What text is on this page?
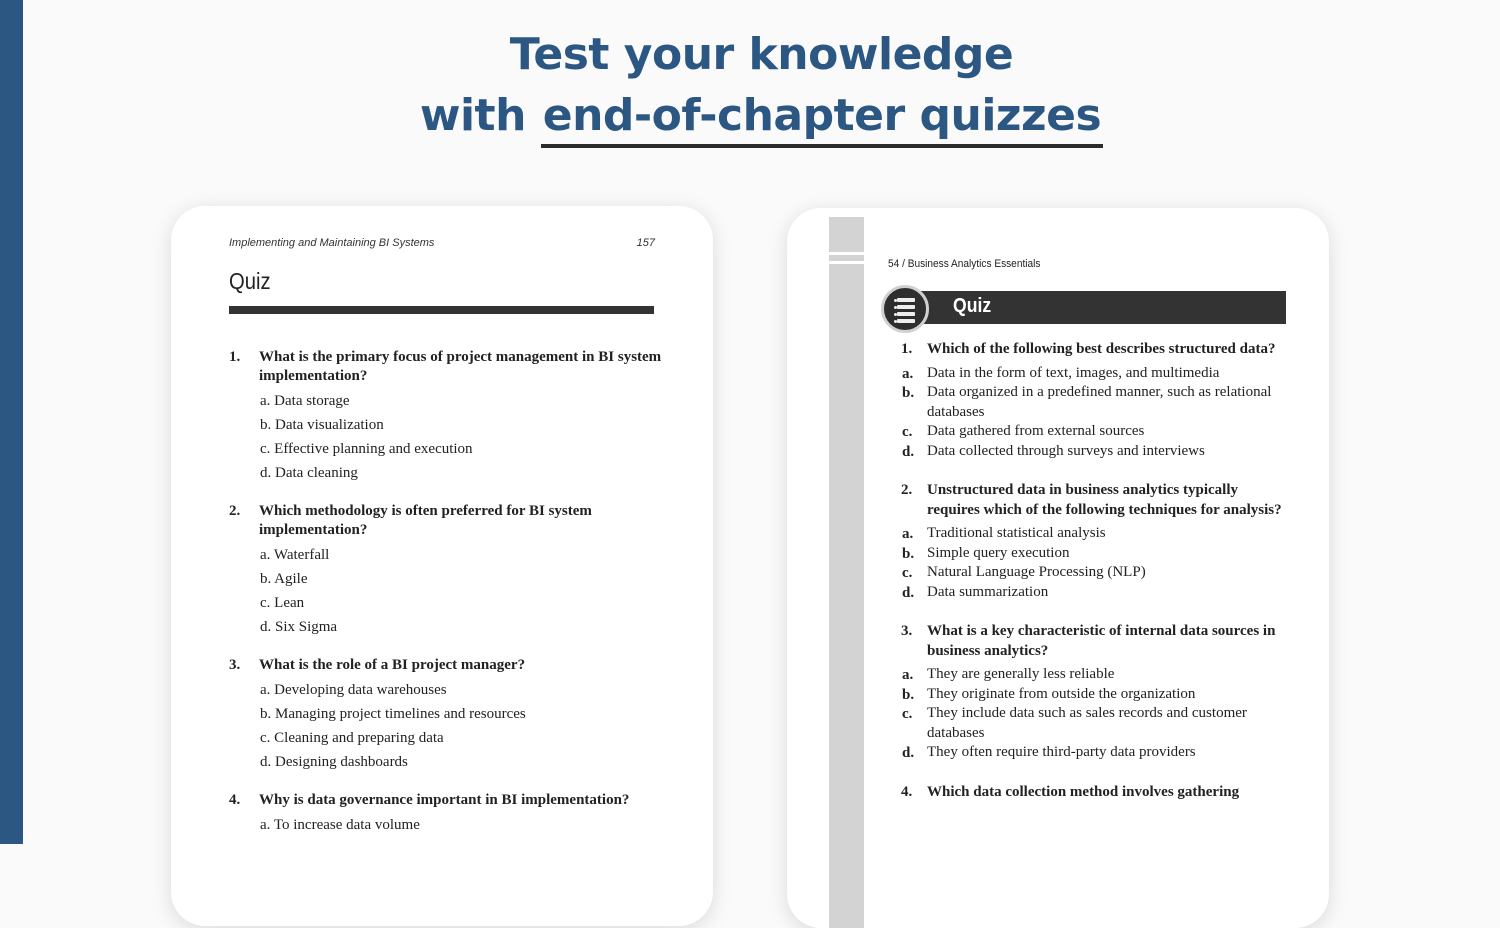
Test your knowledge
with end-of-chapter quizzes
Implementing and Maintaining BI Systems	157
Quiz
1. What is the primary focus of project management in BI system implementation?
a. Data storage
b. Data visualization
c. Effective planning and execution
d. Data cleaning
2. Which methodology is often preferred for BI system implementation?
a. Waterfall
b. Agile
c. Lean
d. Six Sigma
3. What is the role of a BI project manager?
a. Developing data warehouses
b. Managing project timelines and resources
c. Cleaning and preparing data
d. Designing dashboards
4. Why is data governance important in BI implementation?
a. To increase data volume
54 / Business Analytics Essentials
Quiz
1. Which of the following best describes structured data?
a. Data in the form of text, images, and multimedia
b. Data organized in a predefined manner, such as relational databases
c. Data gathered from external sources
d. Data collected through surveys and interviews
2. Unstructured data in business analytics typically requires which of the following techniques for analysis?
a. Traditional statistical analysis
b. Simple query execution
c. Natural Language Processing (NLP)
d. Data summarization
3. What is a key characteristic of internal data sources in business analytics?
a. They are generally less reliable
b. They originate from outside the organization
c. They include data such as sales records and customer databases
d. They often require third-party data providers
4. Which data collection method involves gathering
